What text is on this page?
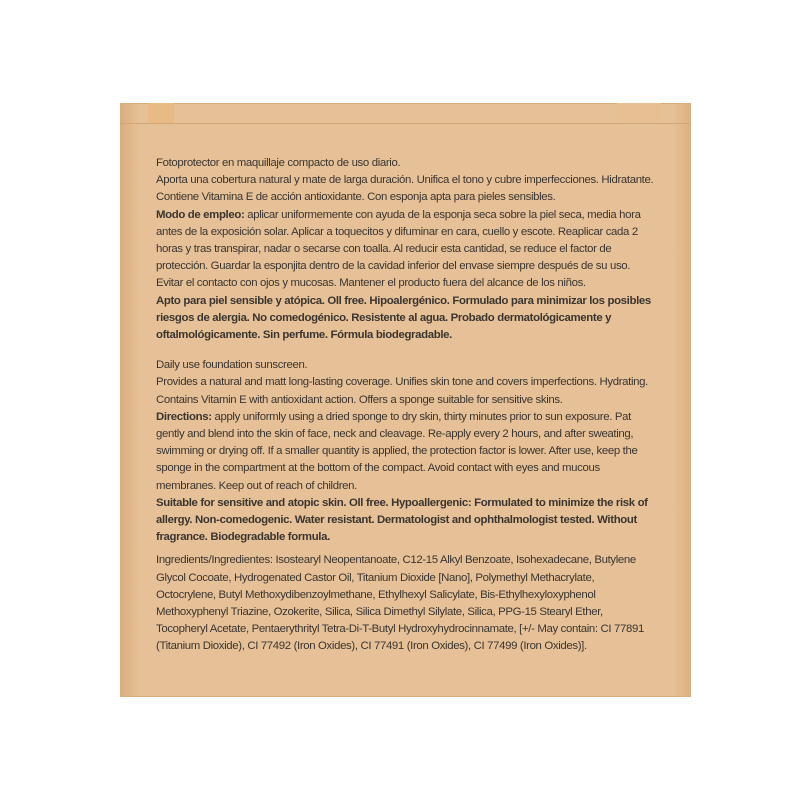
Fotoprotector en maquillaje compacto de uso diario.

Aporta una cobertura natural y mate de larga duración. Unifica el tono y cubre imperfecciones. Hidratante.

Contiene Vitamina E de acción antioxidante. Con esponja apta para pieles sensibles.

Modo de empleo: aplicar uniformemente con ayuda de la esponja seca sobre la piel seca, media hora antes de la exposición solar. Aplicar a toquecitos y difuminar en cara, cuello y escote. Reaplicar cada 2 horas y tras transpirar, nadar o secarse con toalla. Al reducir esta cantidad, se reduce el factor de protección. Guardar la esponjita dentro de la cavidad inferior del envase siempre después de su uso. Evitar el contacto con ojos y mucosas. Mantener el producto fuera del alcance de los niños.

Apto para piel sensible y atópica. Oll free. Hipoalergénico. Formulado para minimizar los posibles riesgos de alergia. No comedogénico. Resistente al agua. Probado dermatológicamente y oftalmológicamente. Sin perfume. Fórmula biodegradable.

Daily use foundation sunscreen.

Provides a natural and matt long-lasting coverage. Unifies skin tone and covers imperfections. Hydrating.

Contains Vitamin E with antioxidant action. Offers a sponge suitable for sensitive skins.

Directions: apply uniformly using a dried sponge to dry skin, thirty minutes prior to sun exposure. Pat gently and blend into the skin of face, neck and cleavage. Re-apply every 2 hours, and after sweating, swimming or drying off. If a smaller quantity is applied, the protection factor is lower. After use, keep the sponge in the compartment at the bottom of the compact. Avoid contact with eyes and mucous membranes. Keep out of reach of children.

Suitable for sensitive and atopic skin. Oll free. Hypoallergenic: Formulated to minimize the risk of allergy. Non-comedogenic. Water resistant. Dermatologist and ophthalmologist tested. Without fragrance. Biodegradable formula.

Ingredients/Ingredientes: Isostearyl Neopentanoate, C12-15 Alkyl Benzoate, Isohexadecane, Butylene Glycol Cocoate, Hydrogenated Castor Oil, Titanium Dioxide [Nano], Polymethyl Methacrylate, Octocrylene, Butyl Methoxydibenzoylmethane, Ethylhexyl Salicylate, Bis-Ethylhexyloxyphenol Methoxyphenyl Triazine, Ozokerite, Silica, Silica Dimethyl Silylate, Silica, PPG-15 Stearyl Ether, Tocopheryl Acetate, Pentaerythrityl Tetra-Di-T-Butyl Hydroxyhydrocinnamate, [+/- May contain: CI 77891 (Titanium Dioxide), CI 77492 (Iron Oxides), CI 77491 (Iron Oxides), CI 77499 (Iron Oxides)].
